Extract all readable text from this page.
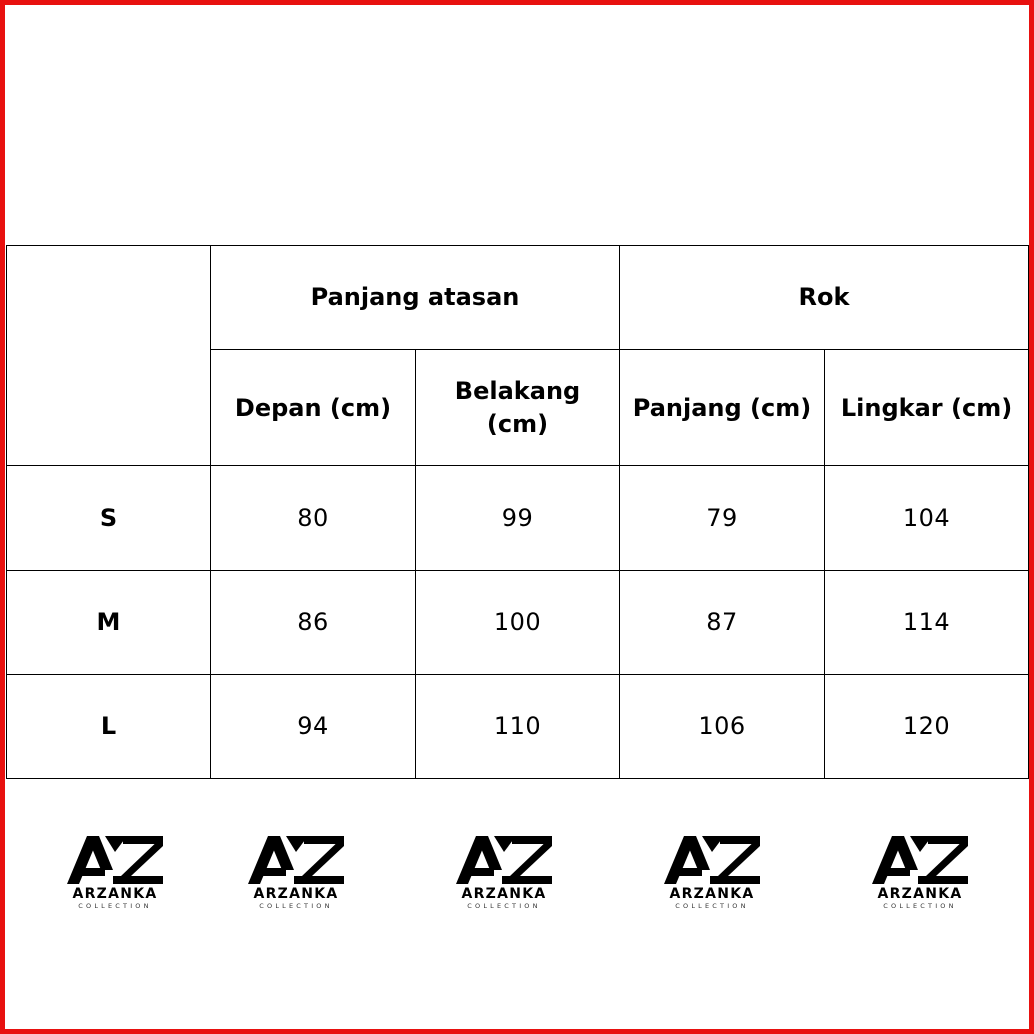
	Panjang atasan		Rok	
	Depan (cm)	Belakang (cm)	Panjang (cm)	Lingkar (cm)
S	80	99	79	104
M	86	100	87	114
L	94	110	106	120
ARZANKA
COLLECTION
ARZANKA
COLLECTION
ARZANKA
COLLECTION
ARZANKA
COLLECTION
ARZANKA
COLLECTION
